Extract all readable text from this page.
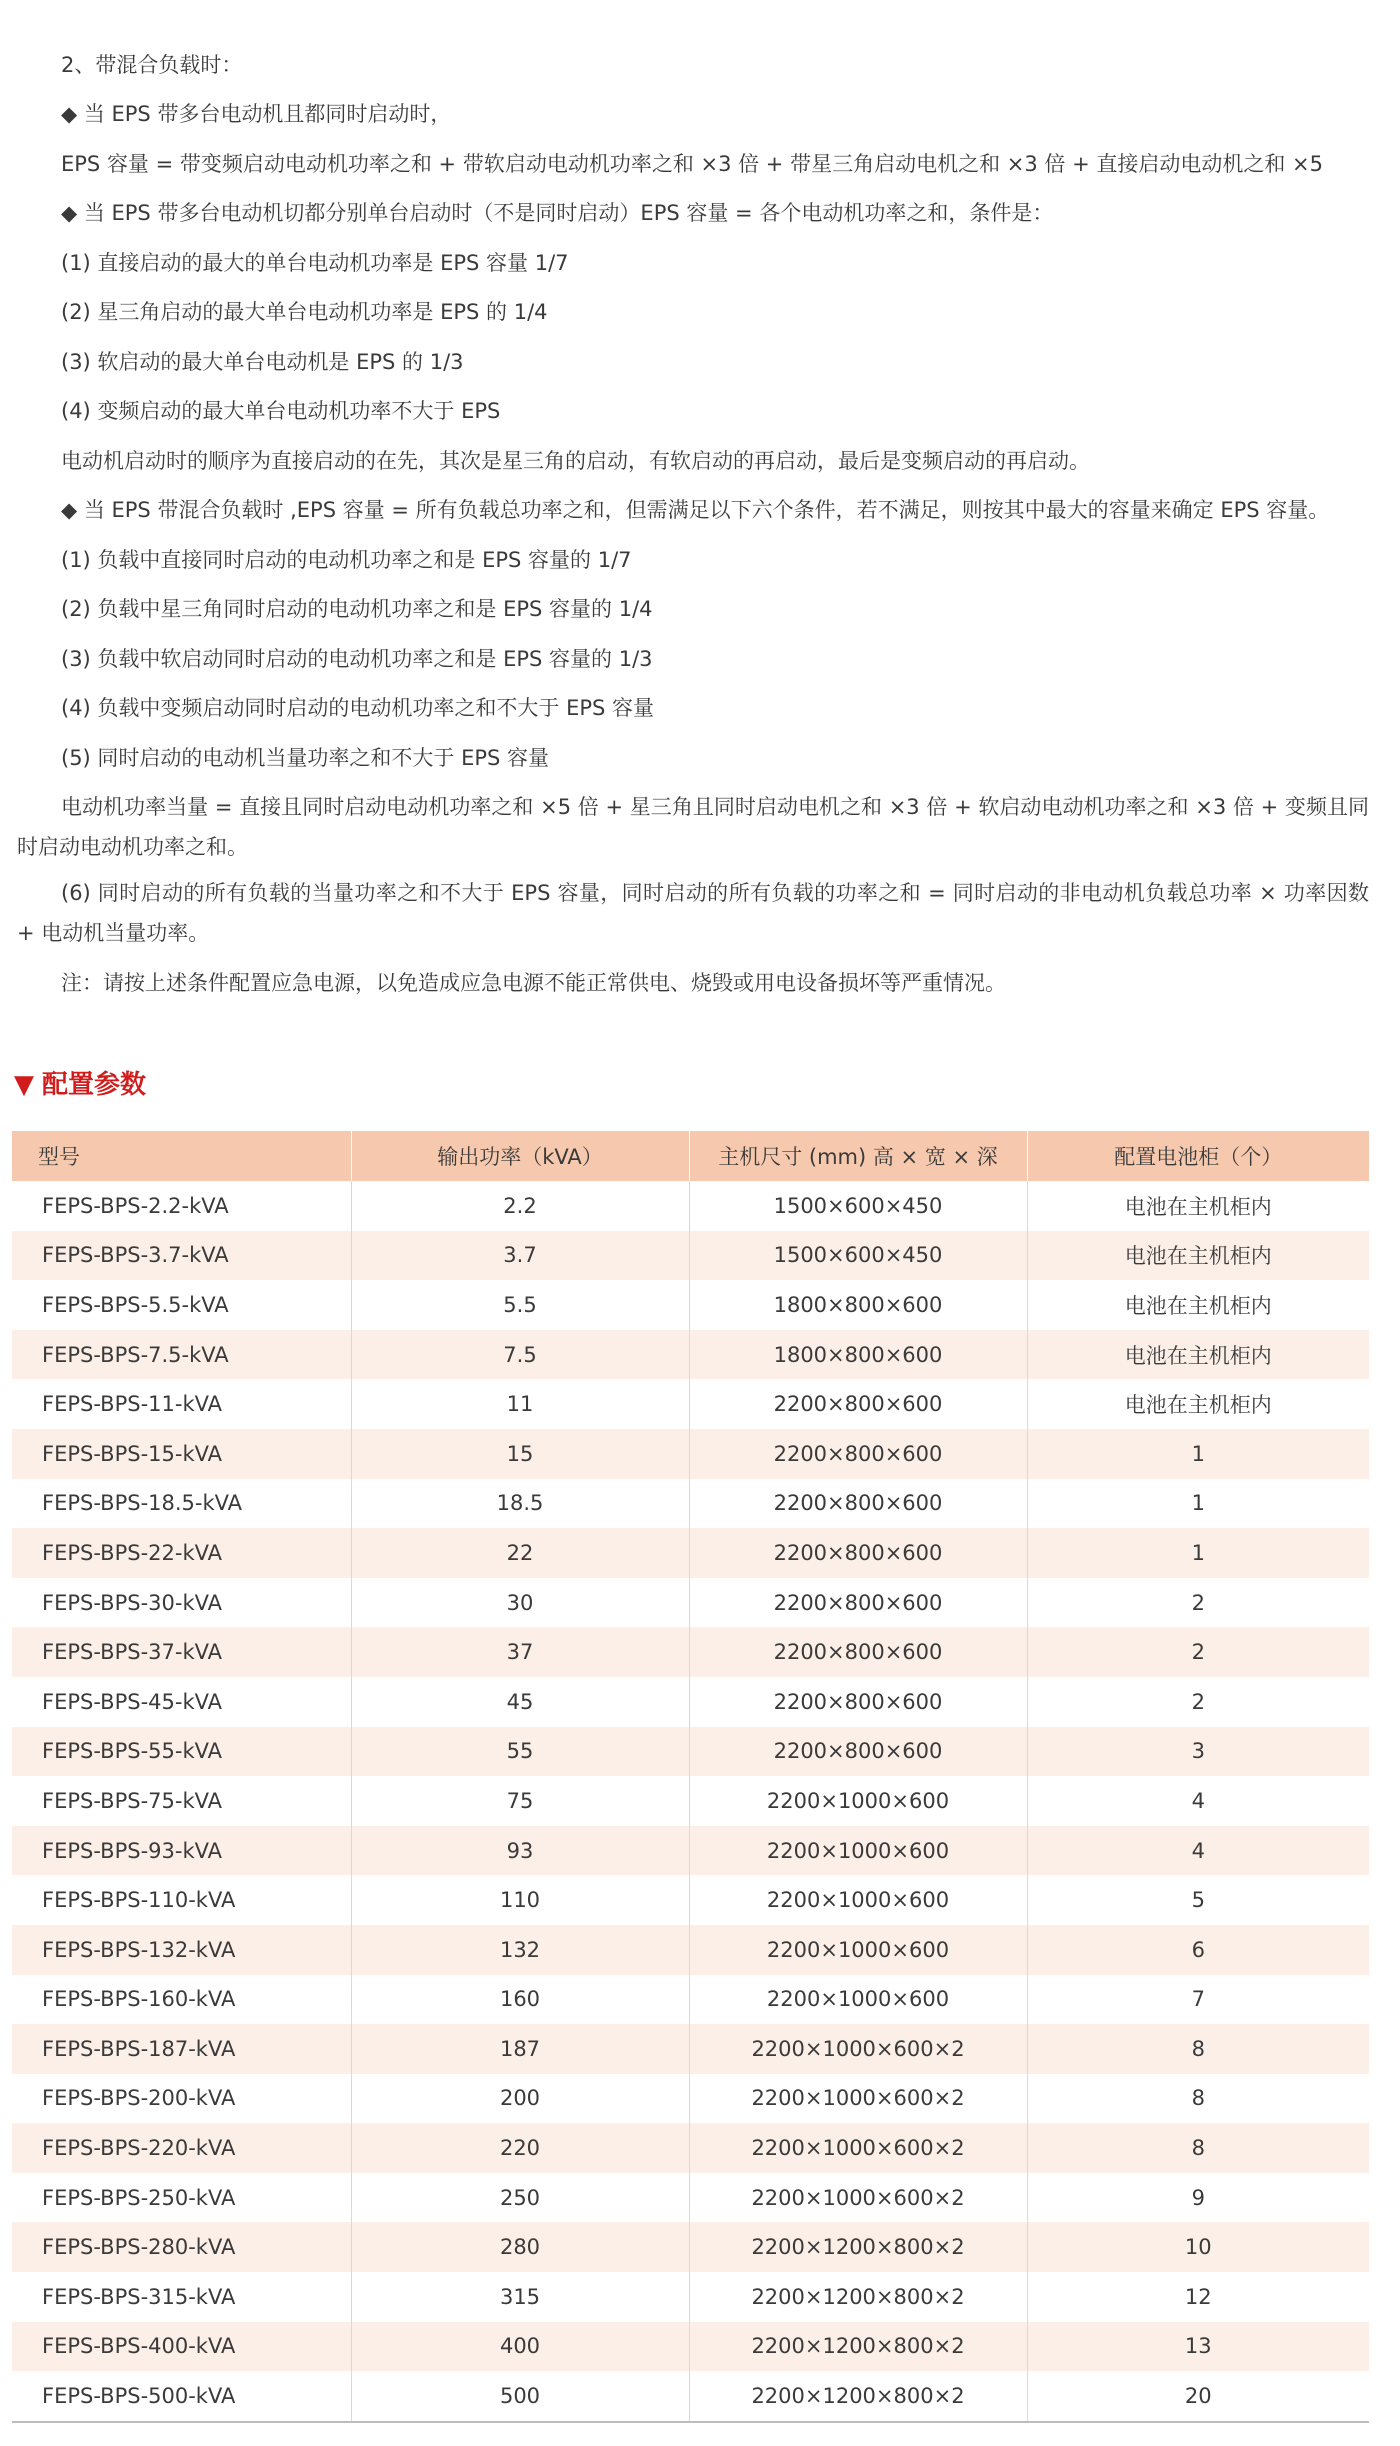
2、带混合负载时：
◆ 当 EPS 带多台电动机且都同时启动时，
EPS 容量 = 带变频启动电动机功率之和 + 带软启动电动机功率之和 ×3 倍 + 带星三角启动电机之和 ×3 倍 + 直接启动电动机之和 ×5
◆ 当 EPS 带多台电动机切都分别单台启动时（不是同时启动）EPS 容量 = 各个电动机功率之和，条件是：
(1) 直接启动的最大的单台电动机功率是 EPS 容量 1/7
(2) 星三角启动的最大单台电动机功率是 EPS 的 1/4
(3) 软启动的最大单台电动机是 EPS 的 1/3
(4) 变频启动的最大单台电动机功率不大于 EPS
电动机启动时的顺序为直接启动的在先，其次是星三角的启动，有软启动的再启动，最后是变频启动的再启动。
◆ 当 EPS 带混合负载时 ,EPS 容量 = 所有负载总功率之和，但需满足以下六个条件，若不满足，则按其中最大的容量来确定 EPS 容量。
(1) 负载中直接同时启动的电动机功率之和是 EPS 容量的 1/7
(2) 负载中星三角同时启动的电动机功率之和是 EPS 容量的 1/4
(3) 负载中软启动同时启动的电动机功率之和是 EPS 容量的 1/3
(4) 负载中变频启动同时启动的电动机功率之和不大于 EPS 容量
(5) 同时启动的电动机当量功率之和不大于 EPS 容量
电动机功率当量 = 直接且同时启动电动机功率之和 ×5 倍 + 星三角且同时启动电机之和 ×3 倍 + 软启动电动机功率之和 ×3 倍 + 变频且同时启动电动机功率之和。
(6) 同时启动的所有负载的当量功率之和不大于 EPS 容量，同时启动的所有负载的功率之和 = 同时启动的非电动机负载总功率 × 功率因数 + 电动机当量功率。
注：请按上述条件配置应急电源，以免造成应急电源不能正常供电、烧毁或用电设备损坏等严重情况。
▼ 配置参数
型号	输出功率（kVA）	主机尺寸 (mm) 高 × 宽 × 深	配置电池柜（个）
FEPS-BPS-2.2-kVA	2.2	1500×600×450	电池在主机柜内
FEPS-BPS-3.7-kVA	3.7	1500×600×450	电池在主机柜内
FEPS-BPS-5.5-kVA	5.5	1800×800×600	电池在主机柜内
FEPS-BPS-7.5-kVA	7.5	1800×800×600	电池在主机柜内
FEPS-BPS-11-kVA	11	2200×800×600	电池在主机柜内
FEPS-BPS-15-kVA	15	2200×800×600	1
FEPS-BPS-18.5-kVA	18.5	2200×800×600	1
FEPS-BPS-22-kVA	22	2200×800×600	1
FEPS-BPS-30-kVA	30	2200×800×600	2
FEPS-BPS-37-kVA	37	2200×800×600	2
FEPS-BPS-45-kVA	45	2200×800×600	2
FEPS-BPS-55-kVA	55	2200×800×600	3
FEPS-BPS-75-kVA	75	2200×1000×600	4
FEPS-BPS-93-kVA	93	2200×1000×600	4
FEPS-BPS-110-kVA	110	2200×1000×600	5
FEPS-BPS-132-kVA	132	2200×1000×600	6
FEPS-BPS-160-kVA	160	2200×1000×600	7
FEPS-BPS-187-kVA	187	2200×1000×600×2	8
FEPS-BPS-200-kVA	200	2200×1000×600×2	8
FEPS-BPS-220-kVA	220	2200×1000×600×2	8
FEPS-BPS-250-kVA	250	2200×1000×600×2	9
FEPS-BPS-280-kVA	280	2200×1200×800×2	10
FEPS-BPS-315-kVA	315	2200×1200×800×2	12
FEPS-BPS-400-kVA	400	2200×1200×800×2	13
FEPS-BPS-500-kVA	500	2200×1200×800×2	20
